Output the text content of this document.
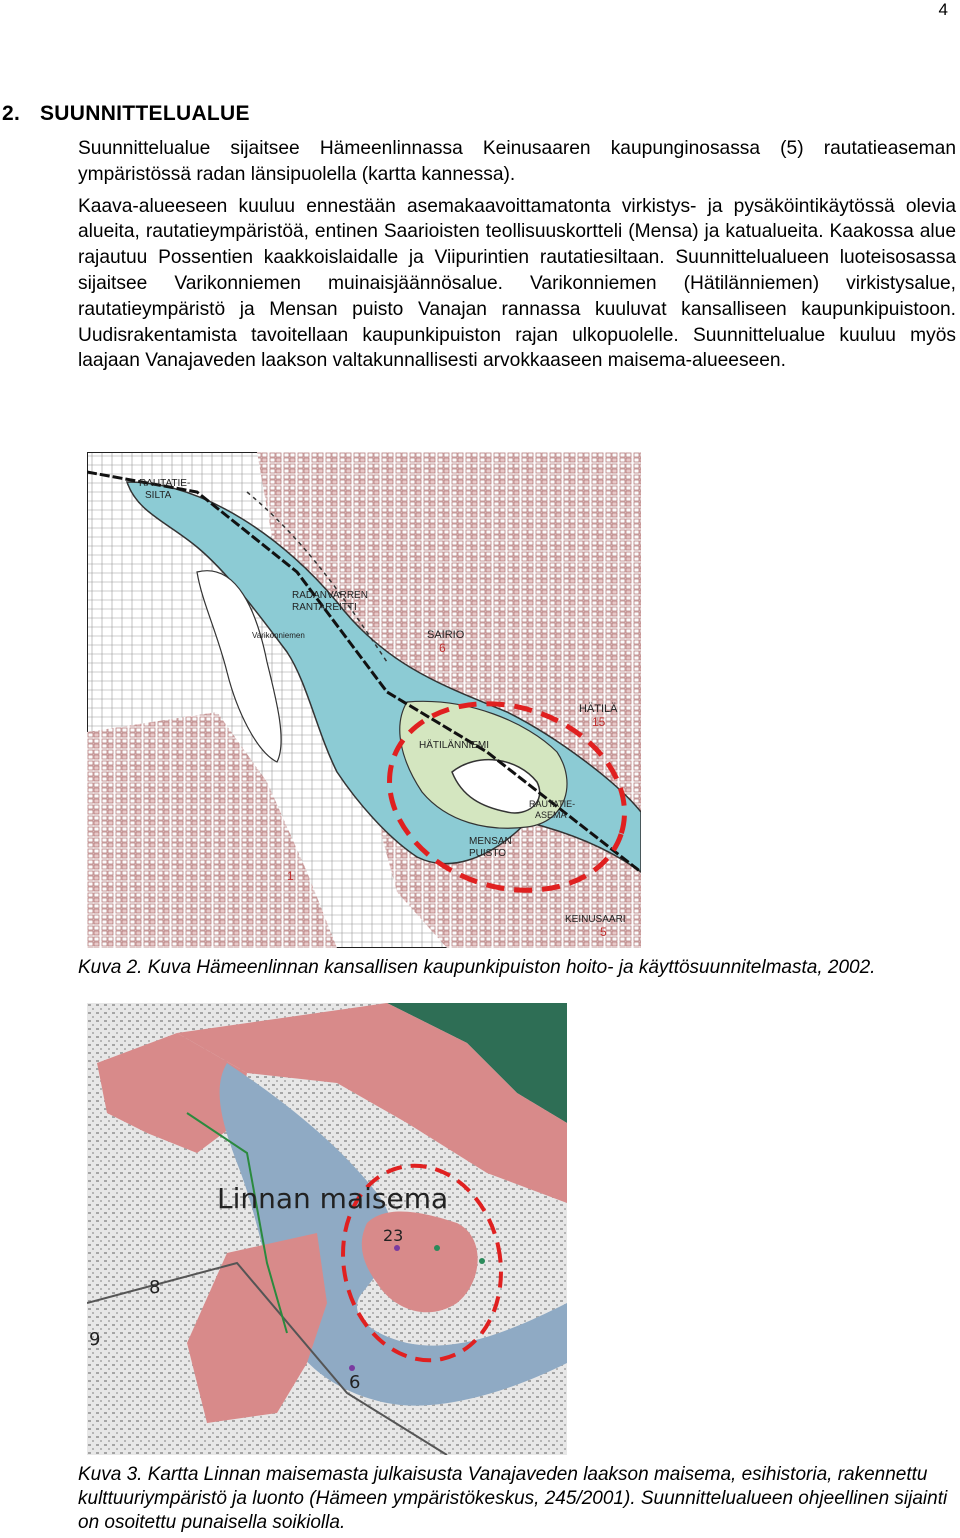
4
2. SUUNNITTELUALUE

Suunnittelualue sijaitsee Hämeenlinnassa Keinusaaren kaupunginosassa (5) rautatieaseman ympäristössä radan länsipuolella (kartta kannessa).

Kaava-alueeseen kuuluu ennestään asemakaavoittamatonta virkistys- ja pysäköintikäytössä olevia alueita, rautatieympäristöä, entinen Saarioisten teollisuuskortteli (Mensa) ja katualueita. Kaakossa alue rajautuu Possentien kaakkoislaidalle ja Viipurintien rautatiesiltaan. Suunnittelualueen luoteisosassa sijaitsee Varikonniemen muinaisjäännösalue. Varikonniemen (Hätilänniemen) virkistysalue, rautatieympäristö ja Mensan puisto Vanajan rannassa kuuluvat kansalliseen kaupunkipuistoon. Uudisrakentamista tavoitellaan kaupunkipuiston rajan ulkopuolelle. Suunnittelualue kuuluu myös laajaan Vanajaveden laakson valtakunnallisesti arvokkaaseen maisema-alueeseen.

RAUTATIE-
SILTA
RADANVARREN
RANTAREITTI
Varikonniemen	SAIRIO
6
HÄTILÄ
15
HÄTILÄNNIEMI
RAUTATIE-
ASEMA
MENSAN
PUISTO
KEINUSAARI
5
1
Kuva 2. Kuva Hämeenlinnan kansallisen kaupunkipuiston hoito- ja käyttösuunnitelmasta, 2002.
Linnan maisema
23
8
9
6
Kuva 3. Kartta Linnan maisemasta julkaisusta Vanajaveden laakson maisema, esihistoria, rakennettu kulttuuriympäristö ja luonto (Hämeen ympäristökeskus, 245/2001). Suunnittelualueen ohjeellinen sijainti on osoitettu punaisella soikiolla.
